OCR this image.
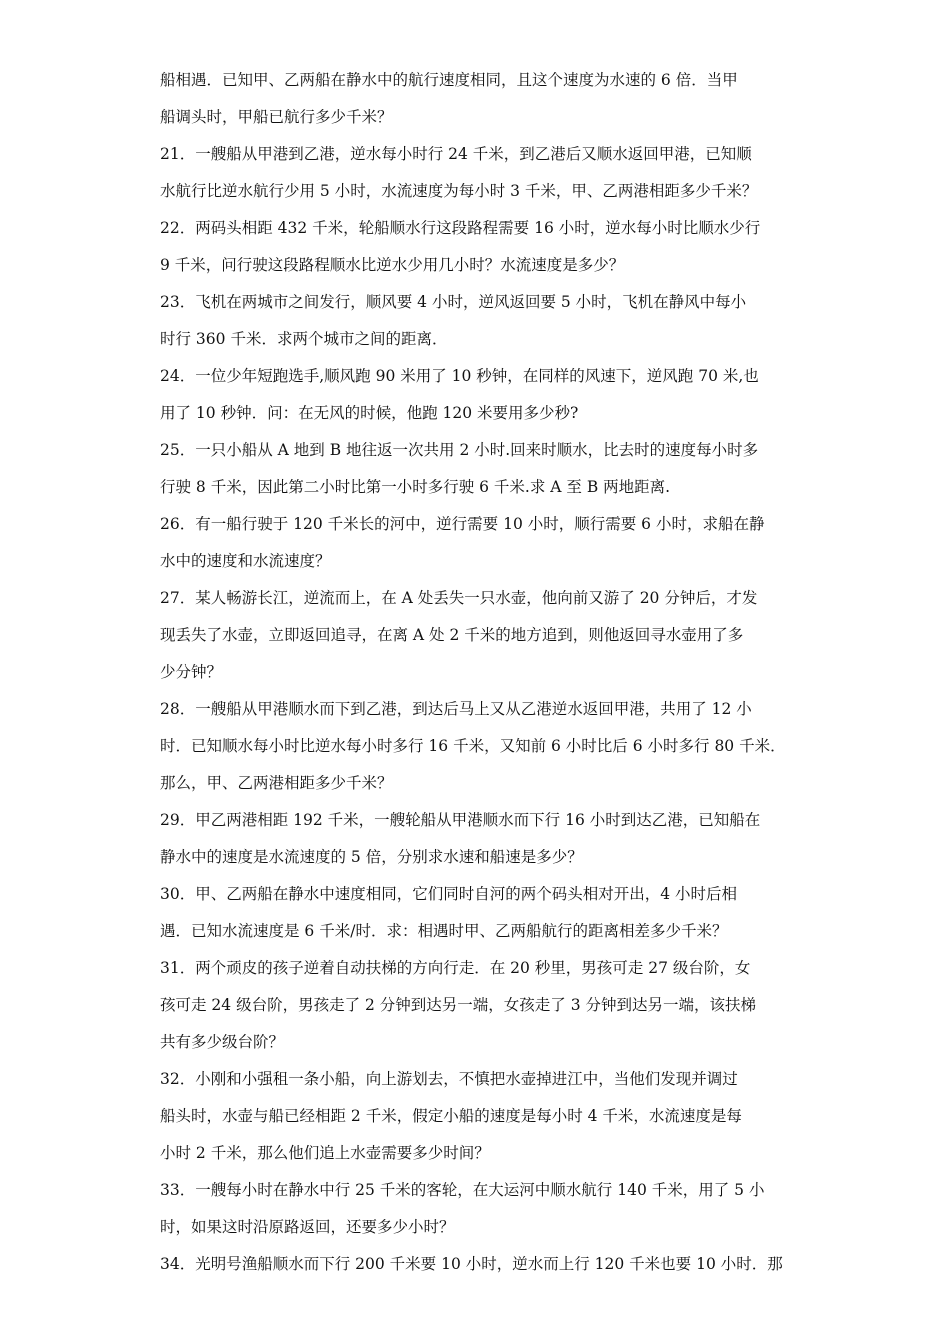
船相遇．已知甲、乙两船在静水中的航行速度相同，且这个速度为水速的 6 倍．当甲
船调头时，甲船已航行多少千米？
21．一艘船从甲港到乙港，逆水每小时行 24 千米，到乙港后又顺水返回甲港，已知顺
水航行比逆水航行少用 5 小时，水流速度为每小时 3 千米，甲、乙两港相距多少千米？
22．两码头相距 432 千米，轮船顺水行这段路程需要 16 小时，逆水每小时比顺水少行
9 千米，问行驶这段路程顺水比逆水少用几小时？水流速度是多少？
23．飞机在两城市之间发行，顺风要 4 小时，逆风返回要 5 小时，飞机在静风中每小
时行 360 千米．求两个城市之间的距离．
24．一位少年短跑选手,顺风跑 90 米用了 10 秒钟，在同样的风速下，逆风跑 70 米,也
用了 10 秒钟．问：在无风的时候，他跑 120 米要用多少秒?
25．一只小船从 A 地到 B 地往返一次共用 2 小时.回来时顺水，比去时的速度每小时多
行驶 8 千米，因此第二小时比第一小时多行驶 6 千米.求 A 至 B 两地距离.
26．有一船行驶于 120 千米长的河中，逆行需要 10 小时，顺行需要 6 小时，求船在静
水中的速度和水流速度？
27．某人畅游长江，逆流而上，在 A 处丢失一只水壶，他向前又游了 20 分钟后，才发
现丢失了水壶，立即返回追寻，在离 A 处 2 千米的地方追到，则他返回寻水壶用了多
少分钟？
28．一艘船从甲港顺水而下到乙港，到达后马上又从乙港逆水返回甲港，共用了 12 小
时．已知顺水每小时比逆水每小时多行 16 千米，又知前 6 小时比后 6 小时多行 80 千米．
那么，甲、乙两港相距多少千米？
29．甲乙两港相距 192 千米，一艘轮船从甲港顺水而下行 16 小时到达乙港，已知船在
静水中的速度是水流速度的 5 倍，分别求水速和船速是多少？
30．甲、乙两船在静水中速度相同，它们同时自河的两个码头相对开出，4 小时后相
遇．已知水流速度是 6 千米/时．求：相遇时甲、乙两船航行的距离相差多少千米？
31．两个顽皮的孩子逆着自动扶梯的方向行走．在 20 秒里，男孩可走 27 级台阶，女
孩可走 24 级台阶，男孩走了 2 分钟到达另一端，女孩走了 3 分钟到达另一端，该扶梯
共有多少级台阶？
32．小刚和小强租一条小船，向上游划去，不慎把水壶掉进江中，当他们发现并调过
船头时，水壶与船已经相距 2 千米，假定小船的速度是每小时 4 千米，水流速度是每
小时 2 千米，那么他们追上水壶需要多少时间？
33．一艘每小时在静水中行 25 千米的客轮，在大运河中顺水航行 140 千米，用了 5 小
时，如果这时沿原路返回，还要多少小时？
34．光明号渔船顺水而下行 200 千米要 10 小时，逆水而上行 120 千米也要 10 小时．那
